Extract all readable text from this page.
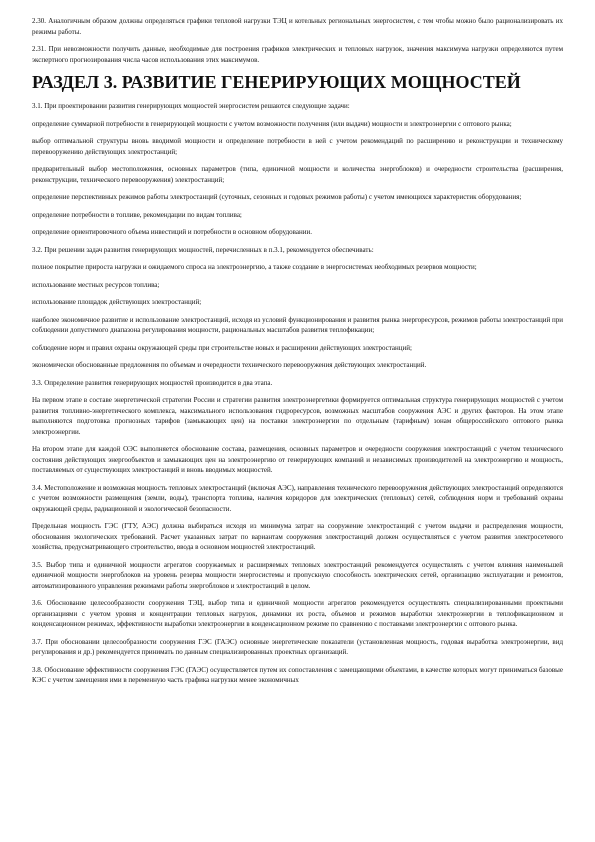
2.30. Аналогичным образом должны определяться графики тепловой нагрузки ТЭЦ и котельных региональных энергосистем, с тем чтобы можно было рационализировать их режимы работы.

2.31. При невозможности получить данные, необходимые для построения графиков электрических и тепловых нагрузок, значения максимума нагрузки определяются путем экспертного прогнозирования числа часов использования этих максимумов.

РАЗДЕЛ 3. РАЗВИТИЕ ГЕНЕРИРУЮЩИХ МОЩНОСТЕЙ

3.1. При проектировании развития генерирующих мощностей энергосистем решаются следующие задачи:

определение суммарной потребности в генерирующей мощности с учетом возможности получения (или выдачи) мощности и электроэнергии с оптового рынка;

выбор оптимальной структуры вновь вводимой мощности и определение потребности в ней с учетом рекомендаций по расширению и реконструкции и техническому перевооружению действующих электростанций;

предварительный выбор местоположения, основных параметров (типа, единичной мощности и количества энергоблоков) и очередности строительства (расширения, реконструкции, технического перевооружения) электростанций;

определение перспективных режимов работы электростанций (суточных, сезонных и годовых режимов работы) с учетом имеющихся характеристик оборудования;

определение потребности в топливе, рекомендации по видам топлива;

определение ориентировочного объема инвестиций и потребности в основном оборудовании.

3.2. При решении задач развития генерирующих мощностей, перечисленных в п.3.1, рекомендуется обеспечивать:

полное покрытие прироста нагрузки и ожидаемого спроса на электроэнергию, а также создание в энергосистемах необходимых резервов мощности;

использование местных ресурсов топлива;

использование площадок действующих электростанций;

наиболее экономичное развитие и использование электростанций, исходя из условий функционирования и развития рынка энергоресурсов, режимов работы электростанций при соблюдении допустимого диапазона регулирования мощности, рациональных масштабов развития теплофикации;

соблюдение норм и правил охраны окружающей среды при строительстве новых и расширении действующих электростанций;

экономически обоснованные предложения по объемам и очередности технического перевооружения действующих электростанций.

3.3. Определение развития генерирующих мощностей производится в два этапа.

На первом этапе в составе энергетической стратегии России и стратегии развития электроэнергетики формируется оптимальная структура генерирующих мощностей с учетом развития топливно-энергетического комплекса, максимального использования гидроресурсов, возможных масштабов сооружения АЭС и других факторов. На этом этапе выполняются подготовка прогнозных тарифов (замыкающих цен) на поставки электроэнергии по отдельным (тарифным) зонам общероссийского оптового рынка электроэнергии.

На втором этапе для каждой ОЭС выполняется обоснование состава, размещения, основных параметров и очередности сооружения электростанций с учетом технического состояния действующих энергообъектов и замыкающих цен на электроэнергию от генерирующих компаний и независимых производителей на электроэнергию и мощность, поставляемых от существующих электростанций и вновь вводимых мощностей.

3.4. Местоположение и возможная мощность тепловых электростанций (включая АЭС), направления технического перевооружения действующих электростанций определяются с учетом возможности размещения (земли, воды), транспорта топлива, наличия коридоров для электрических (тепловых) сетей, соблюдения норм и требований охраны окружающей среды, радиационной и экологической безопасности.

Предельная мощность ГЭС (ГТУ, АЭС) должна выбираться исходя из минимума затрат на сооружение электростанций с учетом выдачи и распределения мощности, обоснования экологических требований. Расчет указанных затрат по вариантам сооружения электростанций должен осуществляться с учетом развития электросетевого хозяйства, предусматривающего строительство, ввода в основном мощностей электростанций.

3.5. Выбор типа и единичной мощности агрегатов сооружаемых и расширяемых тепловых электростанций рекомендуется осуществлять с учетом влияния наименьшей единичной мощности энергоблоков на уровень резерва мощности энергосистемы и пропускную способность электрических сетей, организацию эксплуатации и ремонтов, автоматизированного управления режимами работы энергоблоков и электростанций в целом.

3.6. Обоснование целесообразности сооружения ТЭЦ, выбор типа и единичной мощности агрегатов рекомендуется осуществлять специализированными проектными организациями с учетом уровня и концентрации тепловых нагрузок, динамики их роста, объемов и режимов выработки электроэнергии в теплофикационном и конденсационном режимах, эффективности выработки электроэнергии в конденсационном режиме по сравнению с поставками электроэнергии с оптового рынка.

3.7. При обосновании целесообразности сооружения ГЭС (ГАЭС) основные энергетические показатели (установленная мощность, годовая выработка электроэнергии, вид регулирования и др.) рекомендуется принимать по данным специализированных проектных организаций.

3.8. Обоснование эффективности сооружения ГЭС (ГАЭС) осуществляется путем их сопоставления с замещающими объектами, в качестве которых могут приниматься базовые КЭС с учетом замещения ими в переменную часть графика нагрузки менее экономичных
